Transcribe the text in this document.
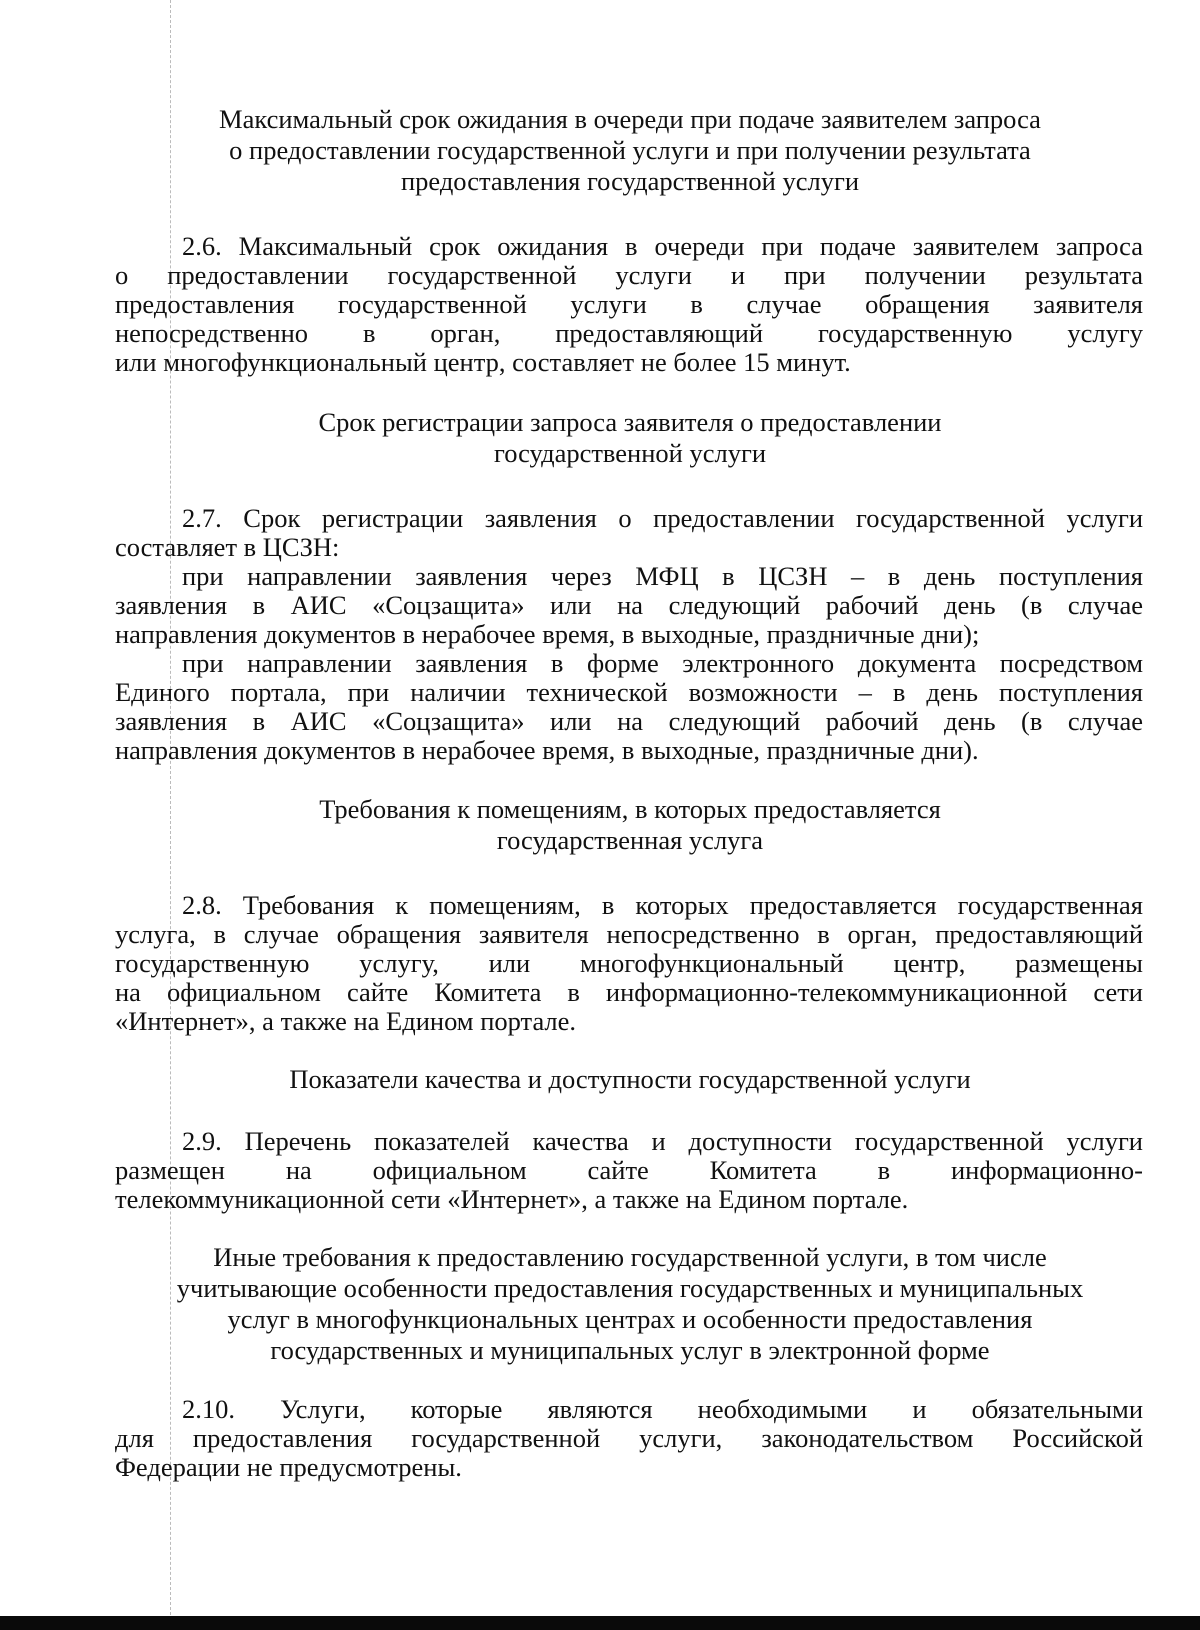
Максимальный срок ожидания в очереди при подаче заявителем запроса
о предоставлении государственной услуги и при получении результата
предоставления государственной услуги
2.6. Максимальный срок ожидания в очереди при подаче заявителем запроса
о предоставлении государственной услуги и при получении результата
предоставления государственной услуги в случае обращения заявителя
непосредственно в орган, предоставляющий государственную услугу
или многофункциональный центр, составляет не более 15 минут.
Срок регистрации запроса заявителя о предоставлении
государственной услуги
2.7. Срок регистрации заявления о предоставлении государственной услуги
составляет в ЦСЗН:
при направлении заявления через МФЦ в ЦСЗН – в день поступления
заявления в АИС «Соцзащита» или на следующий рабочий день (в случае
направления документов в нерабочее время, в выходные, праздничные дни);
при направлении заявления в форме электронного документа посредством
Единого портала, при наличии технической возможности – в день поступления
заявления в АИС «Соцзащита» или на следующий рабочий день (в случае
направления документов в нерабочее время, в выходные, праздничные дни).
Требования к помещениям, в которых предоставляется
государственная услуга
2.8. Требования к помещениям, в которых предоставляется государственная
услуга, в случае обращения заявителя непосредственно в орган, предоставляющий
государственную услугу, или многофункциональный центр, размещены
на официальном сайте Комитета в информационно-телекоммуникационной сети
«Интернет», а также на Едином портале.
Показатели качества и доступности государственной услуги
2.9. Перечень показателей качества и доступности государственной услуги
размещен на официальном сайте Комитета в информационно-
телекоммуникационной сети «Интернет», а также на Едином портале.
Иные требования к предоставлению государственной услуги, в том числе
учитывающие особенности предоставления государственных и муниципальных
услуг в многофункциональных центрах и особенности предоставления
государственных и муниципальных услуг в электронной форме
2.10. Услуги, которые являются необходимыми и обязательными
для предоставления государственной услуги, законодательством Российской
Федерации не предусмотрены.
